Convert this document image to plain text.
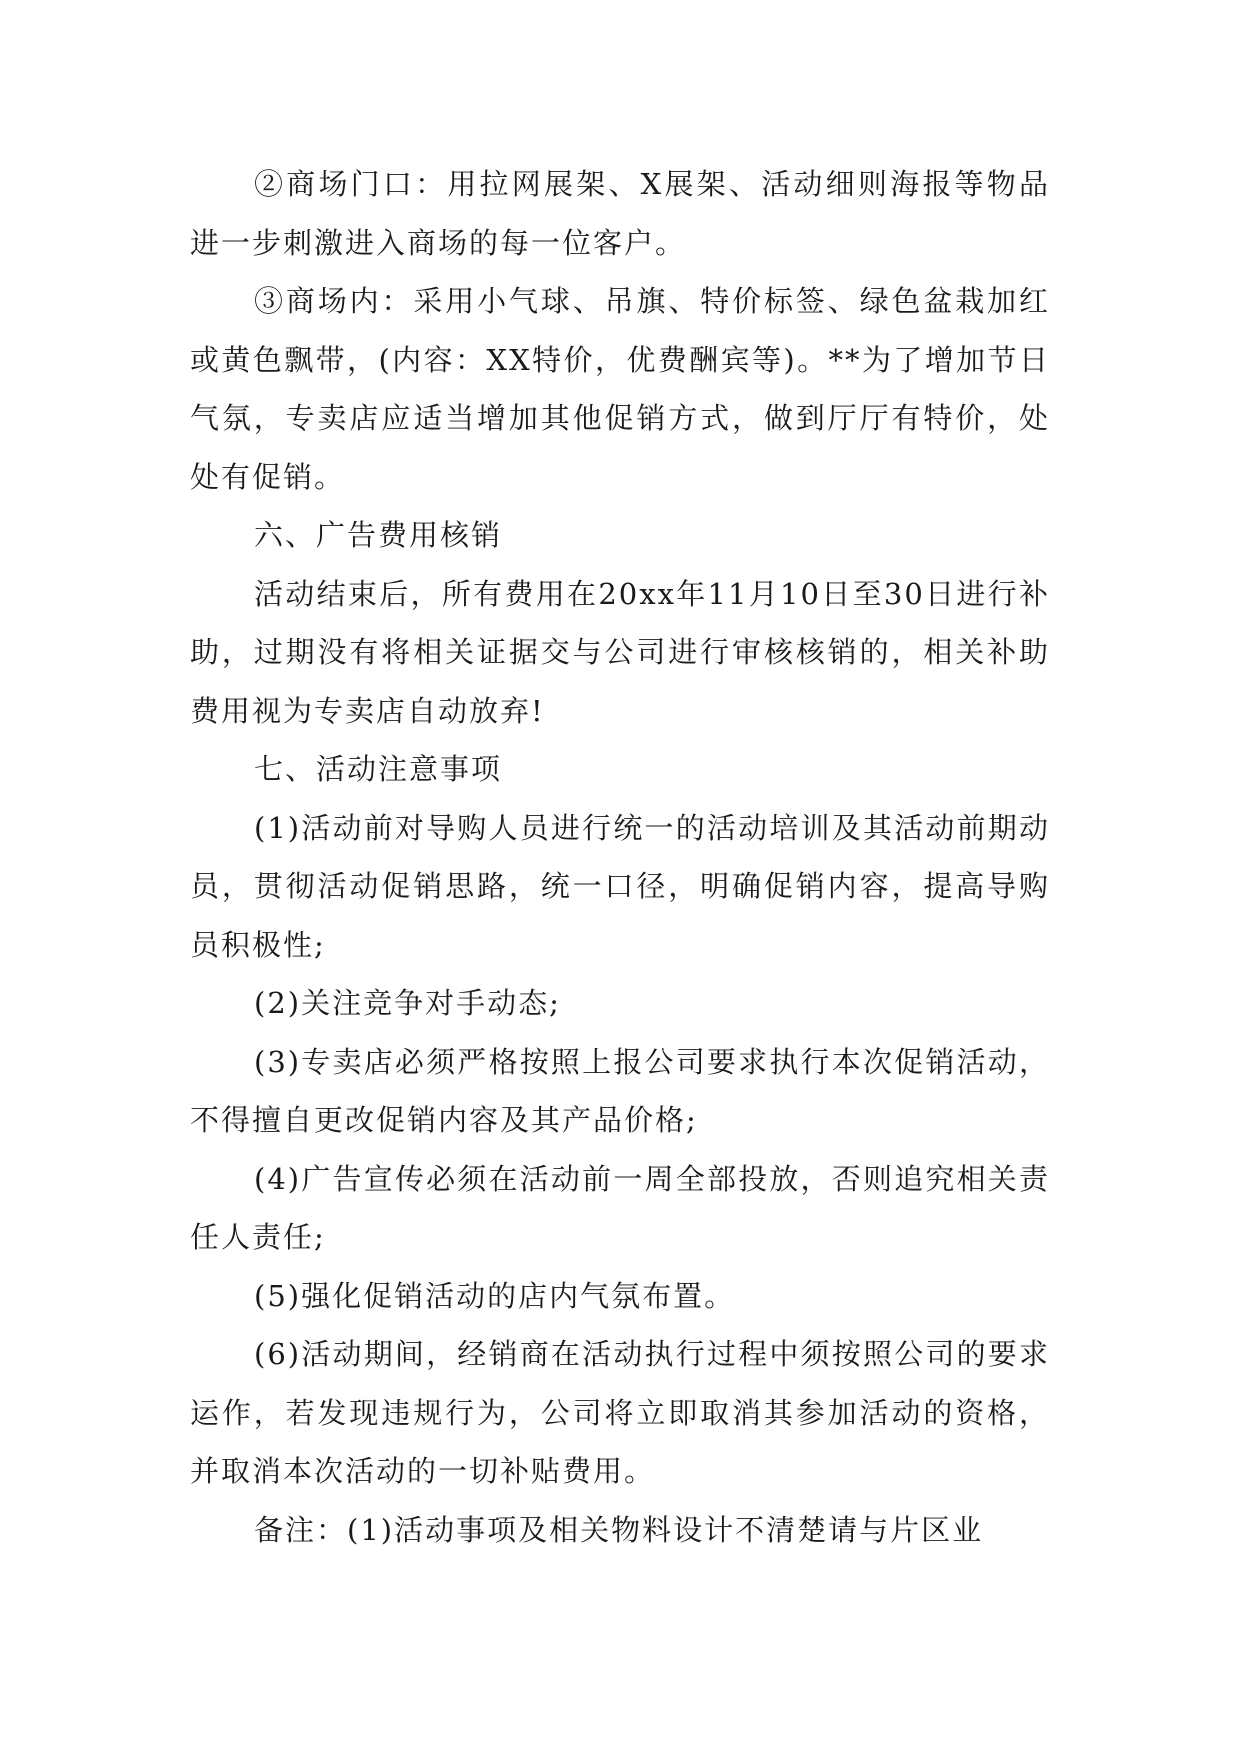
②商场门口：用拉网展架、X展架、活动细则海报等物品进一步刺激进入商场的每一位客户。

③商场内：采用小气球、吊旗、特价标签、绿色盆栽加红或黄色飘带，(内容：XX特价，优费酬宾等)。**为了增加节日气氛，专卖店应适当增加其他促销方式，做到厅厅有特价，处处有促销。

六、广告费用核销

活动结束后，所有费用在20xx年11月10日至30日进行补助，过期没有将相关证据交与公司进行审核核销的，相关补助费用视为专卖店自动放弃!

七、活动注意事项

(1)活动前对导购人员进行统一的活动培训及其活动前期动员，贯彻活动促销思路，统一口径，明确促销内容，提高导购员积极性;

(2)关注竞争对手动态;

(3)专卖店必须严格按照上报公司要求执行本次促销活动，不得擅自更改促销内容及其产品价格;

(4)广告宣传必须在活动前一周全部投放，否则追究相关责任人责任;

(5)强化促销活动的店内气氛布置。

(6)活动期间，经销商在活动执行过程中须按照公司的要求运作，若发现违规行为，公司将立即取消其参加活动的资格，并取消本次活动的一切补贴费用。

备注：(1)活动事项及相关物料设计不清楚请与片区业
